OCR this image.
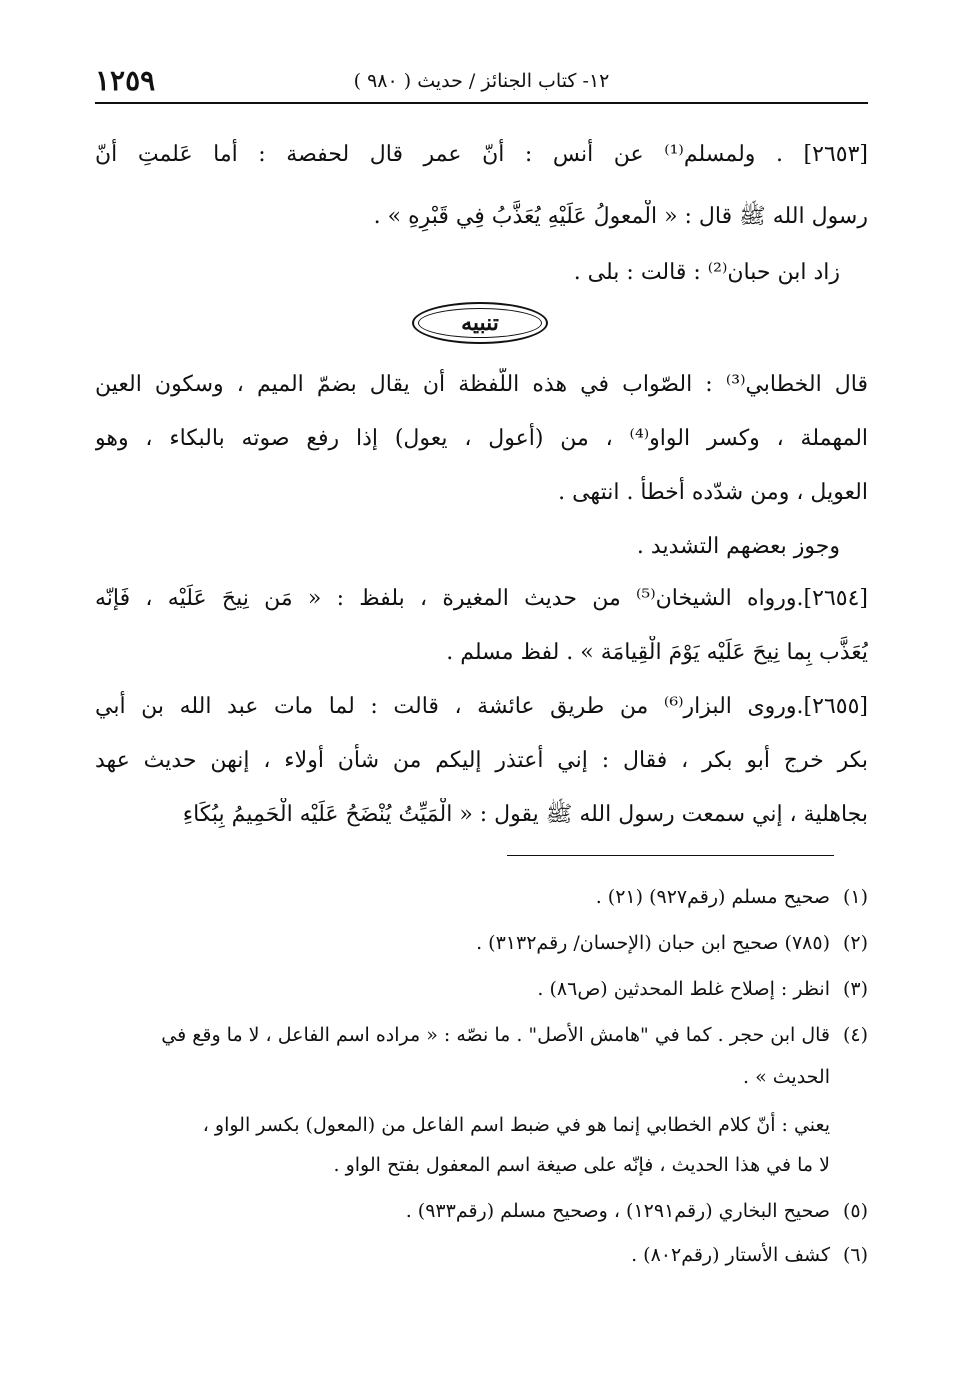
١٢- كتاب الجنائز / حديث ( ٩٨٠ )
١٢٥٩
[٢٦٥٣] . ولمسلم⁽¹⁾ عن أنس : أنّ عمر قال لحفصة : أما عَلمتِ أنّ
رسول الله ﷺ قال : « الْمعولُ عَلَيْهِ يُعَذَّبُ فِي قَبْرِهِ » .
زاد ابن حبان⁽²⁾ : قالت : بلى .
تنبيه
قال الخطابي⁽³⁾ : الصّواب في هذه اللّفظة أن يقال بضمّ الميم ، وسكون العين
المهملة ، وكسر الواو⁽⁴⁾ ، من (أعول ، يعول) إذا رفع صوته بالبكاء ، وهو
العويل ، ومن شدّده أخطأ . انتهى .
وجوز بعضهم التشديد .
[٢٦٥٤].ورواه الشيخان⁽⁵⁾ من حديث المغيرة ، بلفظ : « مَن نِيحَ عَلَيْه ، فَإنّه
يُعَذَّب بِما نِيحَ عَلَيْه يَوْمَ الْقِيامَة » . لفظ مسلم .
[٢٦٥٥].وروى البزار⁽⁶⁾ من طريق عائشة ، قالت : لما مات عبد الله بن أبي
بكر خرج أبو بكر ، فقال : إني أعتذر إليكم من شأن أولاء ، إنهن حديث عهد
بجاهلية ، إني سمعت رسول الله ﷺ يقول : « الْمَيِّتُ يُنْضَحُ عَلَيْه الْحَمِيمُ بِبُكَاءِ
(١)صحيح مسلم (رقم٩٢٧) (٢١) .
(٢)(٧٨٥) صحيح ابن حبان (الإحسان/ رقم٣١٣٢) .
(٣)انظر : إصلاح غلط المحدثين (ص٨٦) .
(٤)قال ابن حجر . كما في "هامش الأصل" . ما نصّه : « مراده اسم الفاعل ، لا ما وقع في
الحديث » .
يعني : أنّ كلام الخطابي إنما هو في ضبط اسم الفاعل من (المعول) بكسر الواو ،
لا ما في هذا الحديث ، فإنّه على صيغة اسم المعفول بفتح الواو .
(٥)صحيح البخاري (رقم١٢٩١) ، وصحيح مسلم (رقم٩٣٣) .
(٦)كشف الأستار (رقم٨٠٢) .
